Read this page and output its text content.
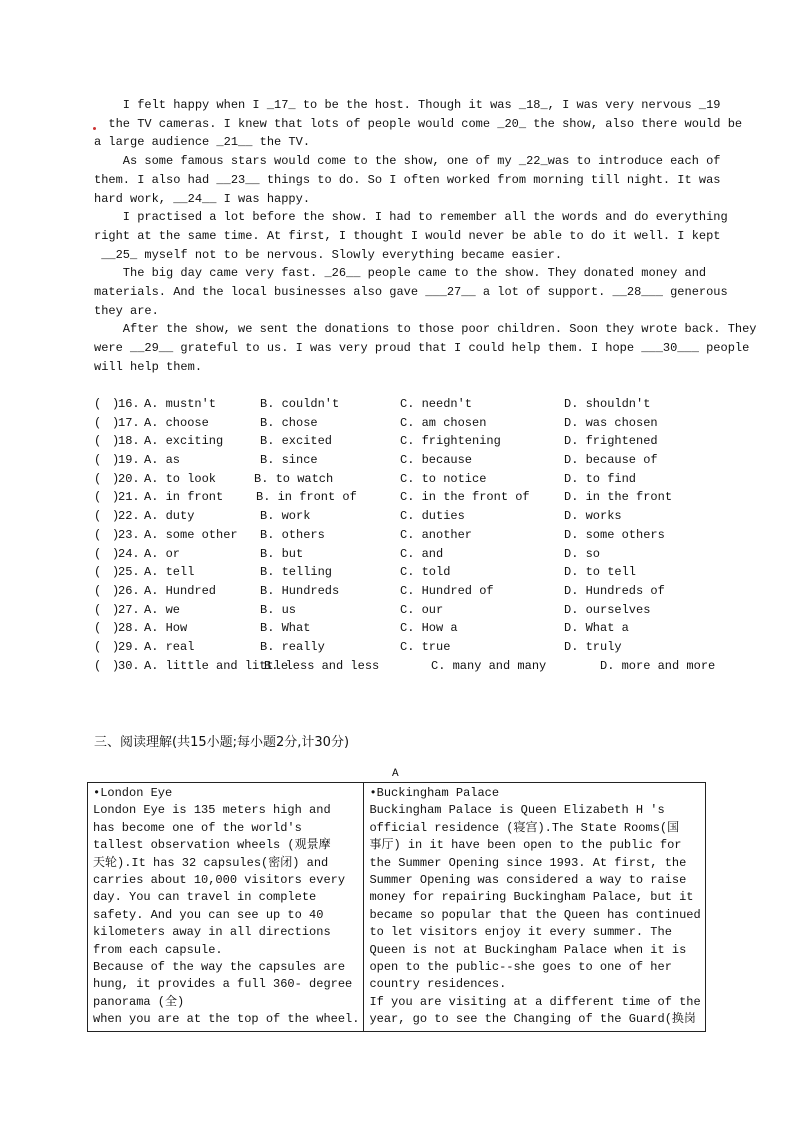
I felt happy when I _17_ to be the host. Though it was _18_, I was very nervous _19
the TV cameras. I knew that lots of people would come _20_ the show, also there would be
a large audience _21__ the TV.
As some famous stars would come to the show, one of my _22_was to introduce each of
them. I also had __23__ things to do. So I often worked from morning till night. It was
hard work, __24__ I was happy.
I practised a lot before the show. I had to remember all the words and do everything
right at the same time. At first, I thought I would never be able to do it well. I kept
__25_ myself not to be nervous. Slowly everything became easier.
The big day came very fast. _26__ people came to the show. They donated money and
materials. And the local businesses also gave ___27__ a lot of support. __28___ generous
they are.
After the show, we sent the donations to those poor children. Soon they wrote back. They
were __29__ grateful to us. I was very proud that I could help them. I hope ___30___ people
will help them.
( )
16. A. mustn't	B. couldn't	C. needn't	D. shouldn't
( )
17. A. choose	B. chose	C. am chosen	D. was chosen
( )
18. A. exciting	B. excited	C. frightening	D. frightened
( )
19. A. as	B. since	C. because	D. because of
( )
20. A. to look	B. to watch	C. to notice	D. to find
( )
21. A. in front	B. in front of	C. in the front of	D. in the front
( )
22. A. duty	B. work	C. duties	D. works
( )
23. A. some other B. others	C. another	D. some others
( )
24. A. or	B. but	C. and	D. so
( )
25. A. tell	B. telling	C. told	D. to tell
( )
26. A. Hundred	B. Hundreds	C. Hundred of	D. Hundreds of
( )
27. A. we	B. us	C. our	D. ourselves
( )
28. A. How	B. What	C. How a	D. What a
( )
29. A. real	B. really	C. true	D. truly
( )
30. A. little and little
B. less and less	C. many and many	D. more and more
三、阅读理解(共15小题;每小题2分,计30分)
A
•London Eye
London Eye is 135 meters high and
has become one of the world's
tallest observation wheels (观景摩
天轮).It has 32 capsules(密闭) and
carries about 10,000 visitors every
day. You can travel in complete
safety. And you can see up to 40
kilometers away in all directions
from each capsule.
Because of the way the capsules are
hung, it provides a full 360- degree
panorama (全)
when you are at the top of the wheel.

•Buckingham Palace
Buckingham Palace is Queen Elizabeth H 's
official residence (寝宫).The State Rooms(国
事厅) in it have been open to the public for
the Summer Opening since 1993. At first, the
Summer Opening was considered a way to raise
money for repairing Buckingham Palace, but it
became so popular that the Queen has continued
to let visitors enjoy it every summer. The
Queen is not at Buckingham Palace when it is
open to the public--she goes to one of her
country residences.
If you are visiting at a different time of the
year, go to see the Changing of the Guard(换岗
